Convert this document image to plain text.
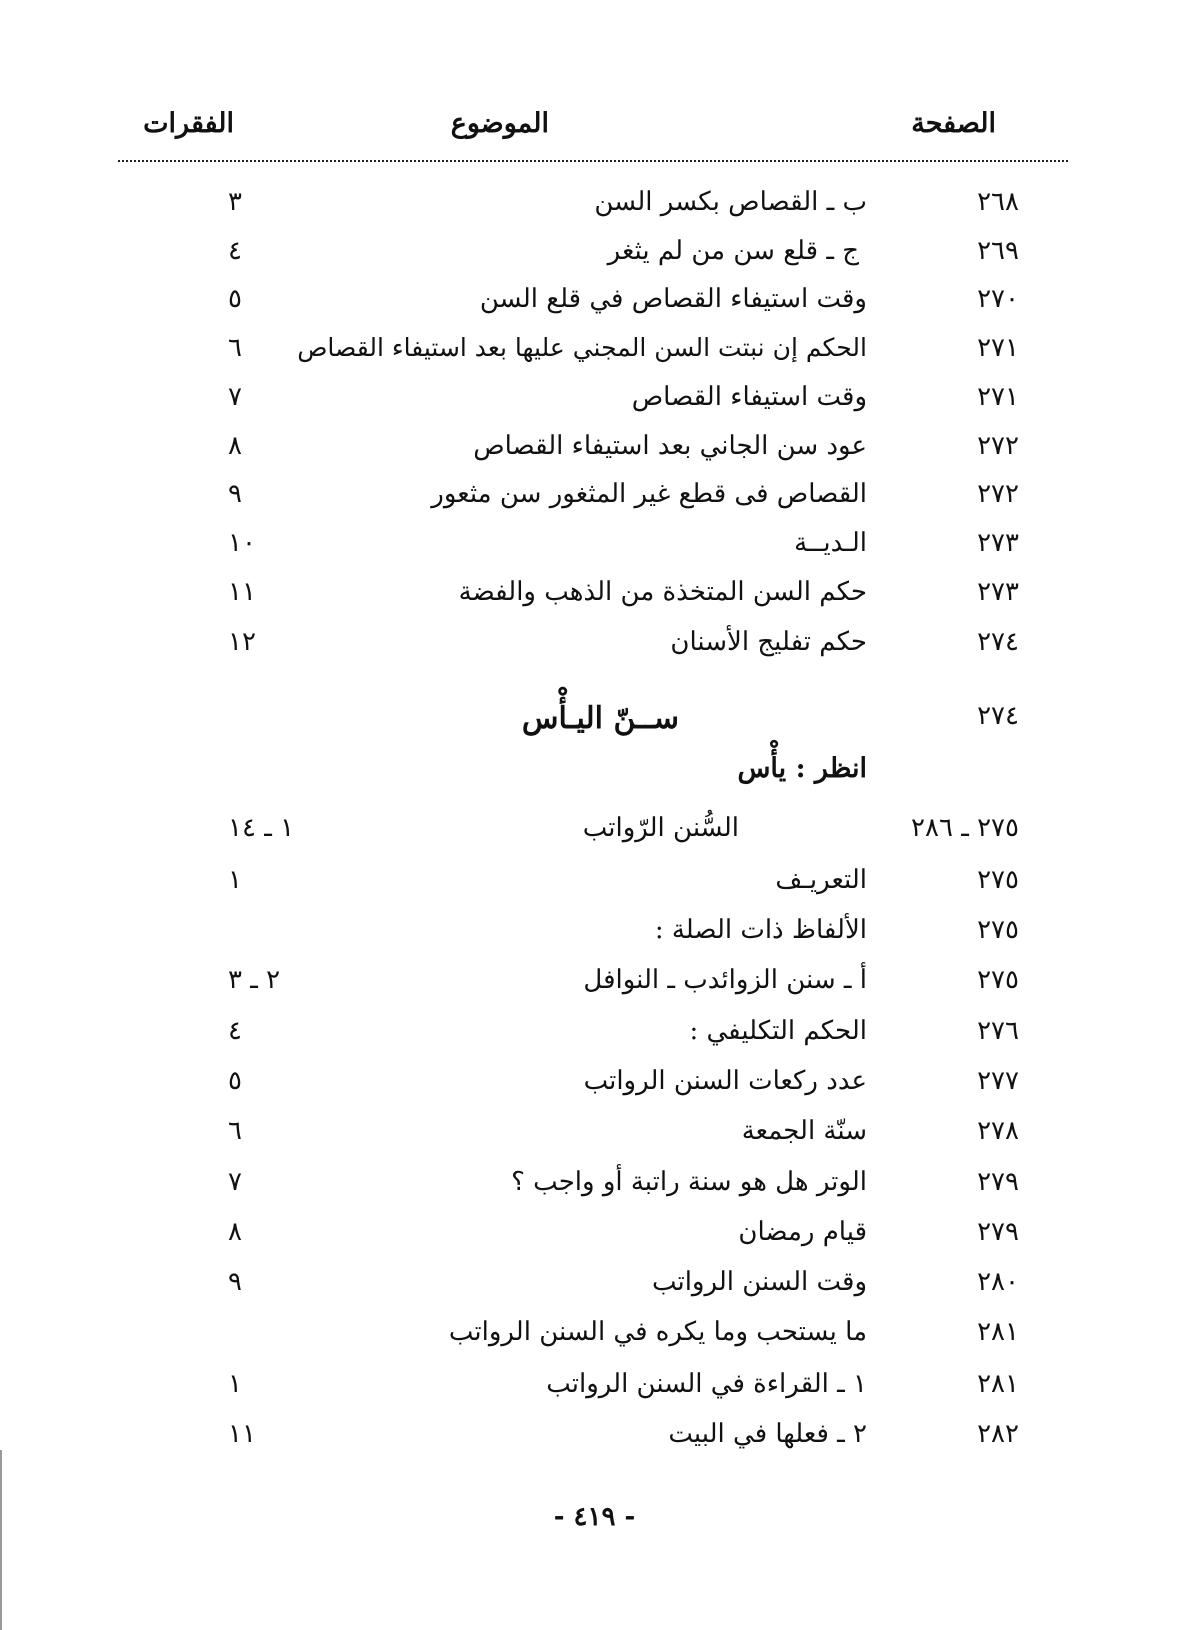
الصفحة
الموضوع
الفقرات
٢٦٨
ب ـ القصاص بكسر السن
٣
٢٦٩
ج ـ قلع سن من لم يثغر
٤
٢٧٠
وقت استيفاء القصاص في قلع السن
٥
٢٧١
الحكم إن نبتت السن المجني عليها بعد استيفاء القصاص
٦
٢٧١
وقت استيفاء القصاص
٧
٢٧٢
عود سن الجاني بعد استيفاء القصاص
٨
٢٧٢
القصاص فى قطع غير المثغور سن مثعور
٩
٢٧٣
الـديــة
١٠
٢٧٣
حكم السن المتخذة من الذهب والفضة
١١
٢٧٤
حكم تفليج الأسنان
١٢
٢٧٤
ســنّ اليـأْس
انظر : يأْس
٢٧٥ ـ ٢٨٦
السُّنن الرّواتب
١ ـ ١٤
٢٧٥
التعريـف
١
٢٧٥
الألفاظ ذات الصلة :
٢٧٥
أ ـ سنن الزوائد
ب ـ النوافل
٢ ـ ٣
٢٧٦
الحكم التكليفي :
٤
٢٧٧
عدد ركعات السنن الرواتب
٥
٢٧٨
سنّة الجمعة
٦
٢٧٩
الوتر هل هو سنة راتبة أو واجب ؟
٧
٢٧٩
قيام رمضان
٨
٢٨٠
وقت السنن الرواتب
٩
٢٨١
ما يستحب وما يكره في السنن الرواتب
٢٨١
١ ـ القراءة في السنن الرواتب
١
٢٨٢
٢ ـ فعلها في البيت
١١
- ٤١٩ -
